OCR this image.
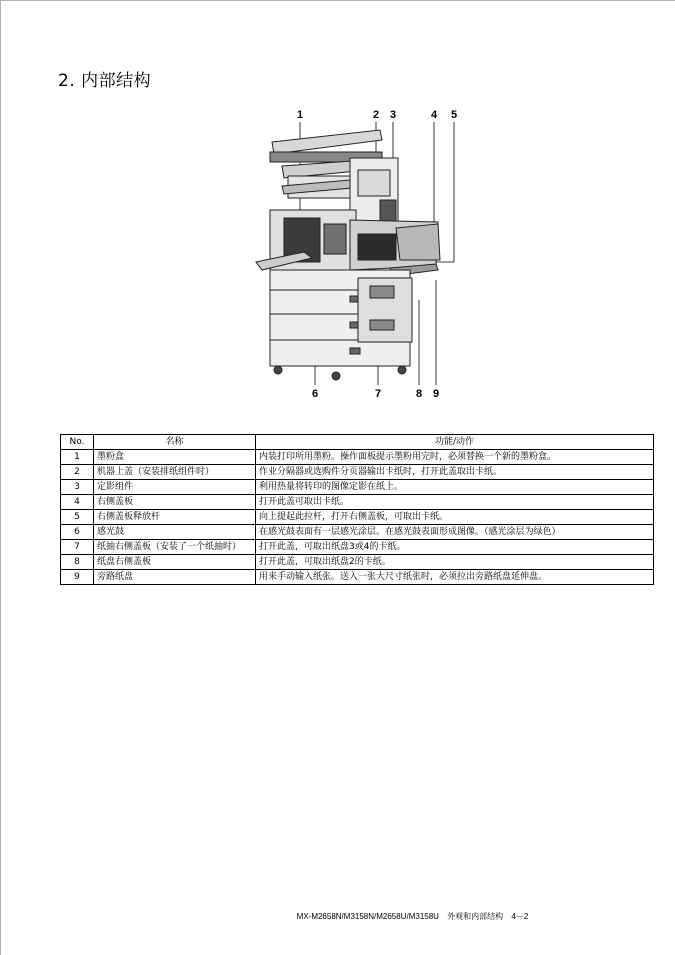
2. 内部结构
1	2 3	4 5
6	7	8 9
No.	名称	功能/动作
1	墨粉盒	内装打印所用墨粉。操作面板提示墨粉用完时，必须替换一个新的墨粉盒。
2	机器上盖（安装排纸组件时）	作业分隔器或选购件分页器输出卡纸时，打开此盖取出卡纸。
3	定影组件	利用热量将转印的图像定影在纸上。
4	右侧盖板	打开此盖可取出卡纸。
5	右侧盖板释放杆	向上提起此拉杆，打开右侧盖板，可取出卡纸。
6	感光鼓	在感光鼓表面有一层感光涂层。在感光鼓表面形成图像。（感光涂层为绿色）
7	纸抽右侧盖板（安装了一个纸抽时）	打开此盖，可取出纸盘3或4的卡纸。
8	纸盘右侧盖板	打开此盖，可取出纸盘2的卡纸。
9	旁路纸盘	用来手动输入纸张。送入一张大尺寸纸张时，必须拉出旁路纸盘延伸盘。
MX-M2658N/M3158N/M2658U/M3158U 外观和内部结构 4－2
